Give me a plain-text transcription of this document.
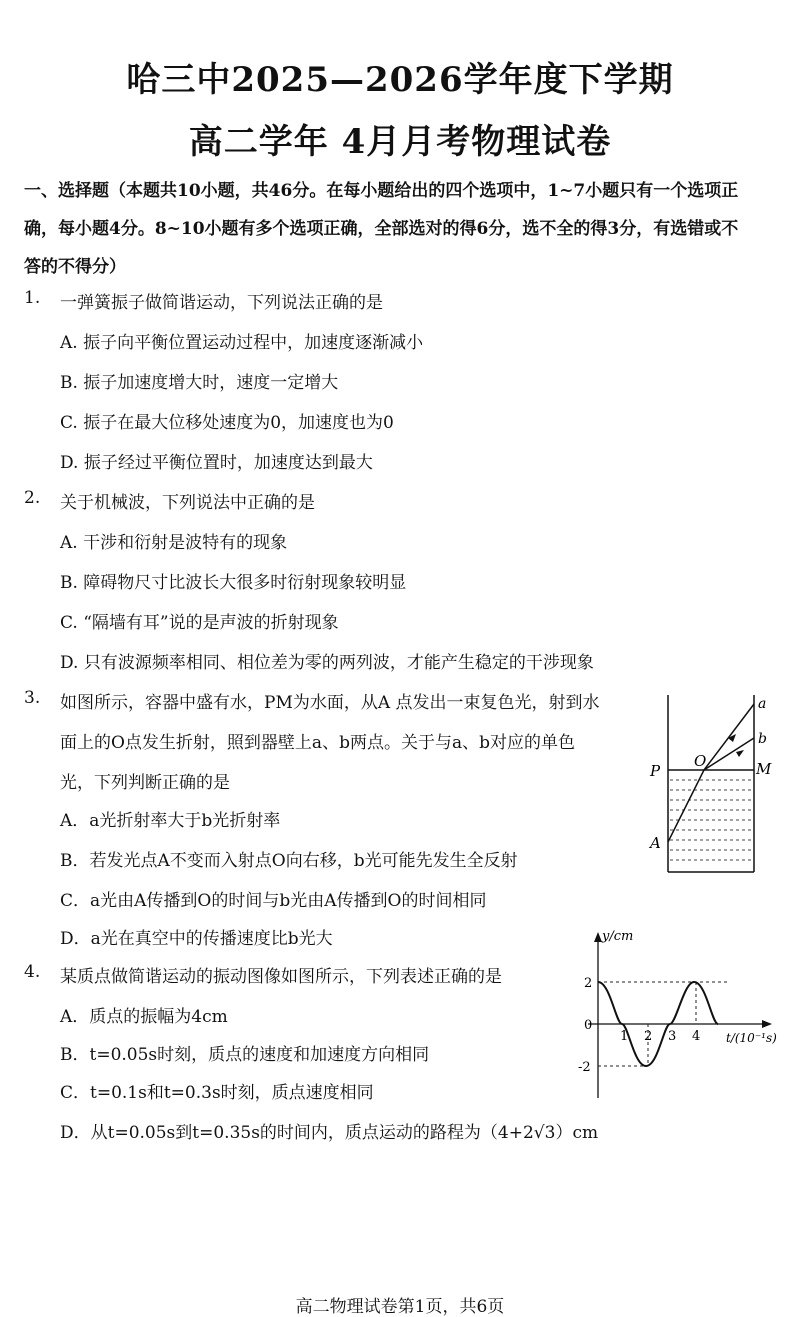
哈三中2025—2026学年度下学期
高二学年 4月月考物理试卷
一、选择题（本题共10小题，共46分。在每小题给出的四个选项中，1~7小题只有一个选项正确，每小题4分。8~10小题有多个选项正确，全部选对的得6分，选不全的得3分，有选错或不答的不得分）
1. 一弹簧振子做简谐运动，下列说法正确的是
A. 振子向平衡位置运动过程中，加速度逐渐减小
B. 振子加速度增大时，速度一定增大
C. 振子在最大位移处速度为0，加速度也为0
D. 振子经过平衡位置时，加速度达到最大
2. 关于机械波，下列说法中正确的是
A. 干涉和衍射是波特有的现象
B. 障碍物尺寸比波长大很多时衍射现象较明显
C. “隔墙有耳”说的是声波的折射现象
D. 只有波源频率相同、相位差为零的两列波，才能产生稳定的干涉现象
3. 如图所示，容器中盛有水，PM为水面，从A 点发出一束复色光，射到水
面上的O点发生折射，照到器壁上a、b两点。关于与a、b对应的单色
光，下列判断正确的是
A．a光折射率大于b光折射率
B．若发光点A不变而入射点O向右移，b光可能先发生全反射
C．a光由A传播到O的时间与b光由A传播到O的时间相同
D．a光在真空中的传播速度比b光大
a
b
O
P	M
A
4. 某质点做简谐运动的振动图像如图所示，下列表述正确的是
A．质点的振幅为4cm
B．t=0.05s时刻，质点的速度和加速度方向相同
C．t=0.1s和t=0.3s时刻，质点速度相同
D．从t=0.05s到t=0.35s的时间内，质点运动的路程为（4+2√3）cm
y/cm
t/(10⁻¹s)
2
0
-2
1 2 3 4
高二物理试卷第1页，共6页
